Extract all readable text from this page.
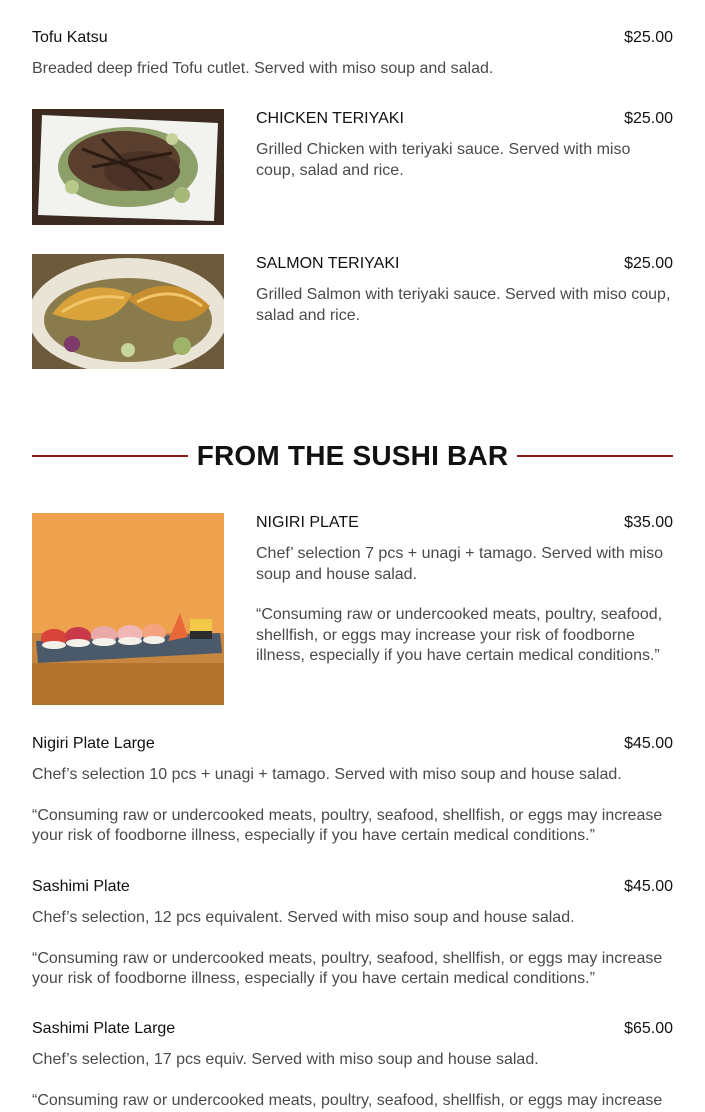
Tofu Katsu	$25.00
Breaded deep fried Tofu cutlet. Served with miso soup and salad.
CHICKEN TERIYAKI	$25.00
Grilled Chicken with teriyaki sauce. Served with miso coup, salad and rice.
SALMON TERIYAKI	$25.00
Grilled Salmon with teriyaki sauce. Served with miso coup, salad and rice.
FROM THE SUSHI BAR
NIGIRI PLATE	$35.00
Chef’ selection 7 pcs + unagi + tamago. Served with miso soup and house salad.
“Consuming raw or undercooked meats, poultry, seafood, shellfish, or eggs may increase your risk of foodborne illness, especially if you have certain medical conditions.”
Nigiri Plate Large	$45.00
Chef’s selection 10 pcs + unagi + tamago. Served with miso soup and house salad.
“Consuming raw or undercooked meats, poultry, seafood, shellfish, or eggs may increase your risk of foodborne illness, especially if you have certain medical conditions.”
Sashimi Plate	$45.00
Chef’s selection, 12 pcs equivalent. Served with miso soup and house salad.
“Consuming raw or undercooked meats, poultry, seafood, shellfish, or eggs may increase your risk of foodborne illness, especially if you have certain medical conditions.”
Sashimi Plate Large	$65.00
Chef’s selection, 17 pcs equiv. Served with miso soup and house salad.
“Consuming raw or undercooked meats, poultry, seafood, shellfish, or eggs may increase
